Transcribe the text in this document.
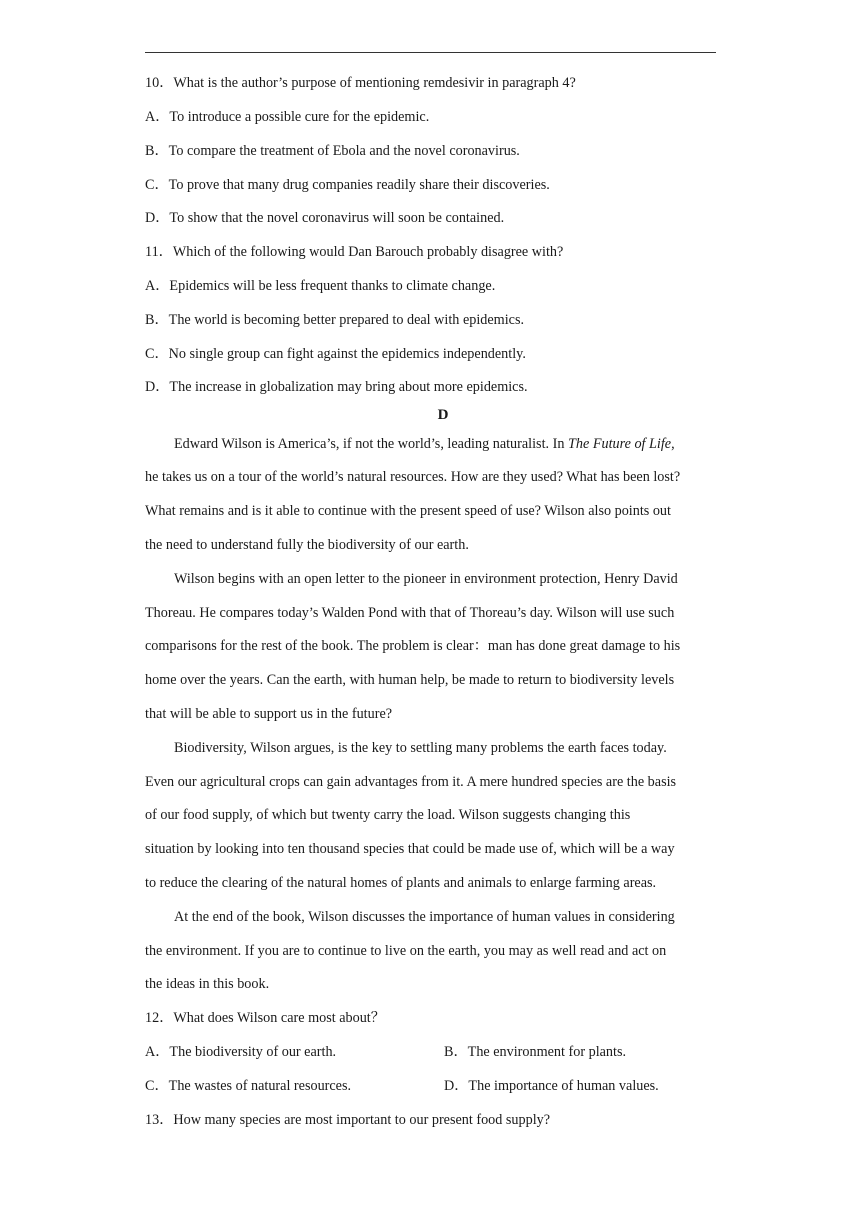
10．What is the author’s purpose of mentioning remdesivir in paragraph 4?
A．To introduce a possible cure for the epidemic.
B．To compare the treatment of Ebola and the novel coronavirus.
C．To prove that many drug companies readily share their discoveries.
D．To show that the novel coronavirus will soon be contained.
11．Which of the following would Dan Barouch probably disagree with?
A．Epidemics will be less frequent thanks to climate change.
B．The world is becoming better prepared to deal with epidemics.
C．No single group can fight against the epidemics independently.
D．The increase in globalization may bring about more epidemics.
D
Edward Wilson is America’s, if not the world’s, leading naturalist. In The Future of Life,
he takes us on a tour of the world’s natural resources. How are they used? What has been lost?
What remains and is it able to continue with the present speed of use? Wilson also points out
the need to understand fully the biodiversity of our earth.
Wilson begins with an open letter to the pioneer in environment protection, Henry David
Thoreau. He compares today’s Walden Pond with that of Thoreau’s day. Wilson will use such
comparisons for the rest of the book. The problem is clear：man has done great damage to his
home over the years. Can the earth, with human help, be made to return to biodiversity levels
that will be able to support us in the future?
Biodiversity, Wilson argues, is the key to settling many problems the earth faces today.
Even our agricultural crops can gain advantages from it. A mere hundred species are the basis
of our food supply, of which but twenty carry the load. Wilson suggests changing this
situation by looking into ten thousand species that could be made use of, which will be a way
to reduce the clearing of the natural homes of plants and animals to enlarge farming areas.
At the end of the book, Wilson discusses the importance of human values in considering
the environment. If you are to continue to live on the earth, you may as well read and act on
the ideas in this book.
12．What does Wilson care most about？
A．The biodiversity of our earth.	B．The environment for plants.
C．The wastes of natural resources.	D．The importance of human values.
13．How many species are most important to our present food supply?
